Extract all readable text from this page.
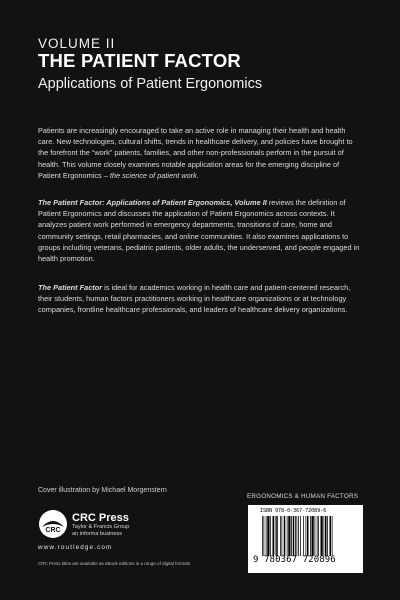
VOLUME II
THE PATIENT FACTOR
Applications of Patient Ergonomics

Patients are increasingly encouraged to take an active role in managing their health and health care. New technologies, cultural shifts, trends in healthcare delivery, and policies have brought to the forefront the “work” patients, families, and other non-professionals perform in the pursuit of health. This volume closely examines notable application areas for the emerging discipline of Patient Ergonomics – the science of patient work.

The Patient Factor: Applications of Patient Ergonomics, Volume II reviews the definition of Patient Ergonomics and discusses the application of Patient Ergonomics across contexts. It analyzes patient work performed in emergency departments, transitions of care, home and community settings, retail pharmacies, and online communities. It also examines applications to groups including veterans, pediatric patients, older adults, the underserved, and people engaged in health promotion.

The Patient Factor is ideal for academics working in health care and patient-centered research, their students, human factors practitioners working in healthcare organizations or at technology companies, frontline healthcare professionals, and leaders of healthcare delivery organizations.

Cover illustration by Michael Morgenstern
ERGONOMICS & HUMAN FACTORS
CRC
CRC Press
Taylor & Francis Group
an informa business
www.routledge.com
CRC Press titles are available as eBook editions in a range of digital formats
ISBN 978-0-367-72089-6
9 780367 720896
